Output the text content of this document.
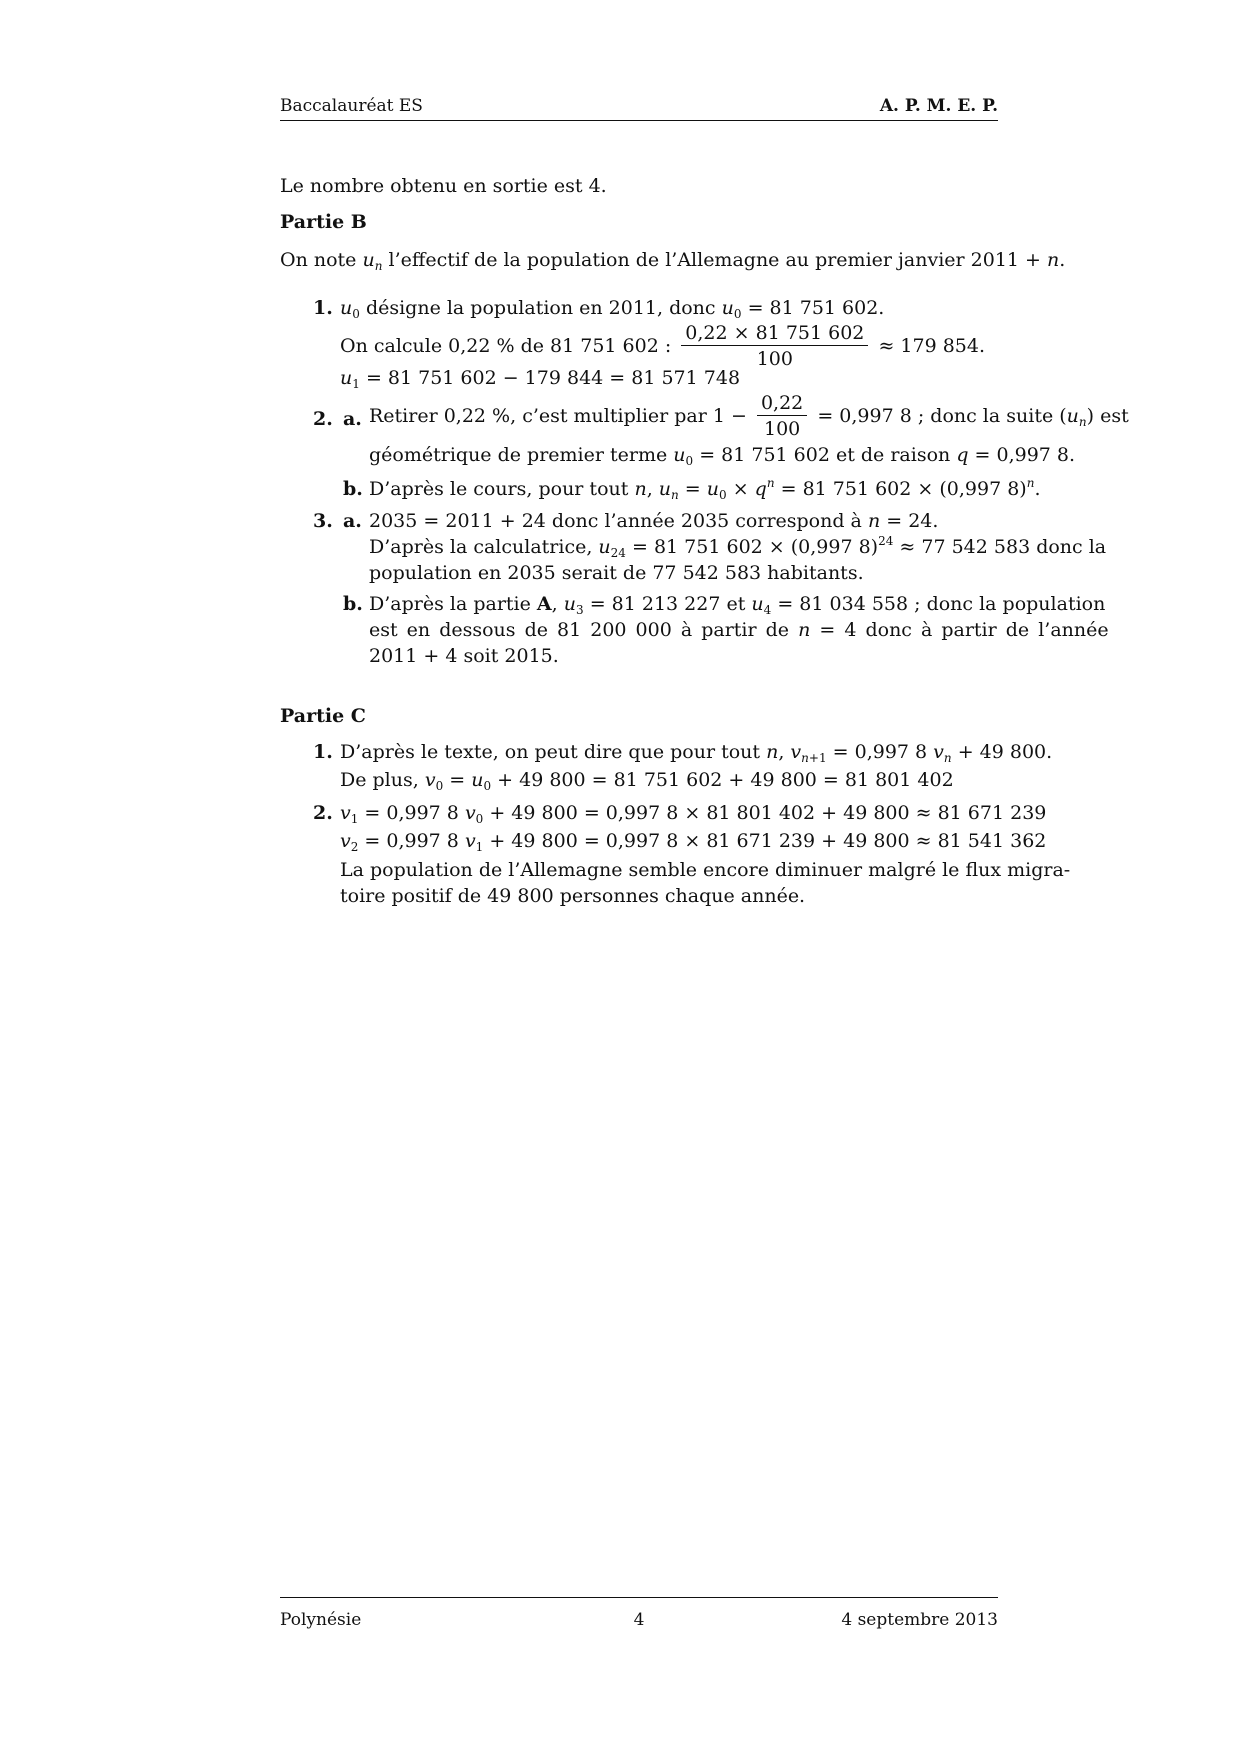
Baccalauréat ES	A. P. M. E. P.
Le nombre obtenu en sortie est 4.
Partie B
On note $u_n$ l’effectif de la population de l’Allemagne au premier janvier 2011 + n.
1. $u_0$ désigne la population en 2011, donc $u_0 = 81$ 751 602.
On calcule 0,22 % de 81 751 602 : $\frac{0,22 \times 81 751 602}{100} \approx 179$ 854.
$u_1 = 81$ 751 602 − 179 844 = 81 571 748
2. a. Retirer 0,22 %, c’est multiplier par $1 - \frac{0,22}{100} = 0,997$ 8 ; donc la suite $(u_n)$ est
géométrique de premier terme $u_0 = 81$ 751 602 et de raison q = 0,997 8.
b. D’après le cours, pour tout n, $u_n = u_0 \times q^n = 81$ 751 602 × (0,997 8)$^n$.
3. a. 2035 = 2011 + 24 donc l’année 2035 correspond à n = 24.
D’après la calculatrice, $u_{24} = 81$ 751 602 × (0,997 8)$^{24}$ ≈ 77 542 583 donc la
population en 2035 serait de 77 542 583 habitants.
b. D’après la partie A, $u_3 = 81$ 213 227 et $u_4 = 81$ 034 558 ; donc la population
est en dessous de 81 200 000 à partir de n = 4 donc à partir de l’année
2011 + 4 soit 2015.
Partie C
1. D’après le texte, on peut dire que pour tout n, $v_{n+1} = 0,997$ 8 $v_n + 49$ 800.
De plus, $v_0 = u_0 + 49$ 800 = 81 751 602 + 49 800 = 81 801 402
2. $v_1 = 0,997$ 8 $v_0 + 49$ 800 = 0,997 8 × 81 801 402 + 49 800 ≈ 81 671 239
$v_2 = 0,997$ 8 $v_1 + 49$ 800 = 0,997 8 × 81 671 239 + 49 800 ≈ 81 541 362
La population de l’Allemagne semble encore diminuer malgré le flux migra-
toire positif de 49 800 personnes chaque année.
Polynésie	4	4 septembre 2013
